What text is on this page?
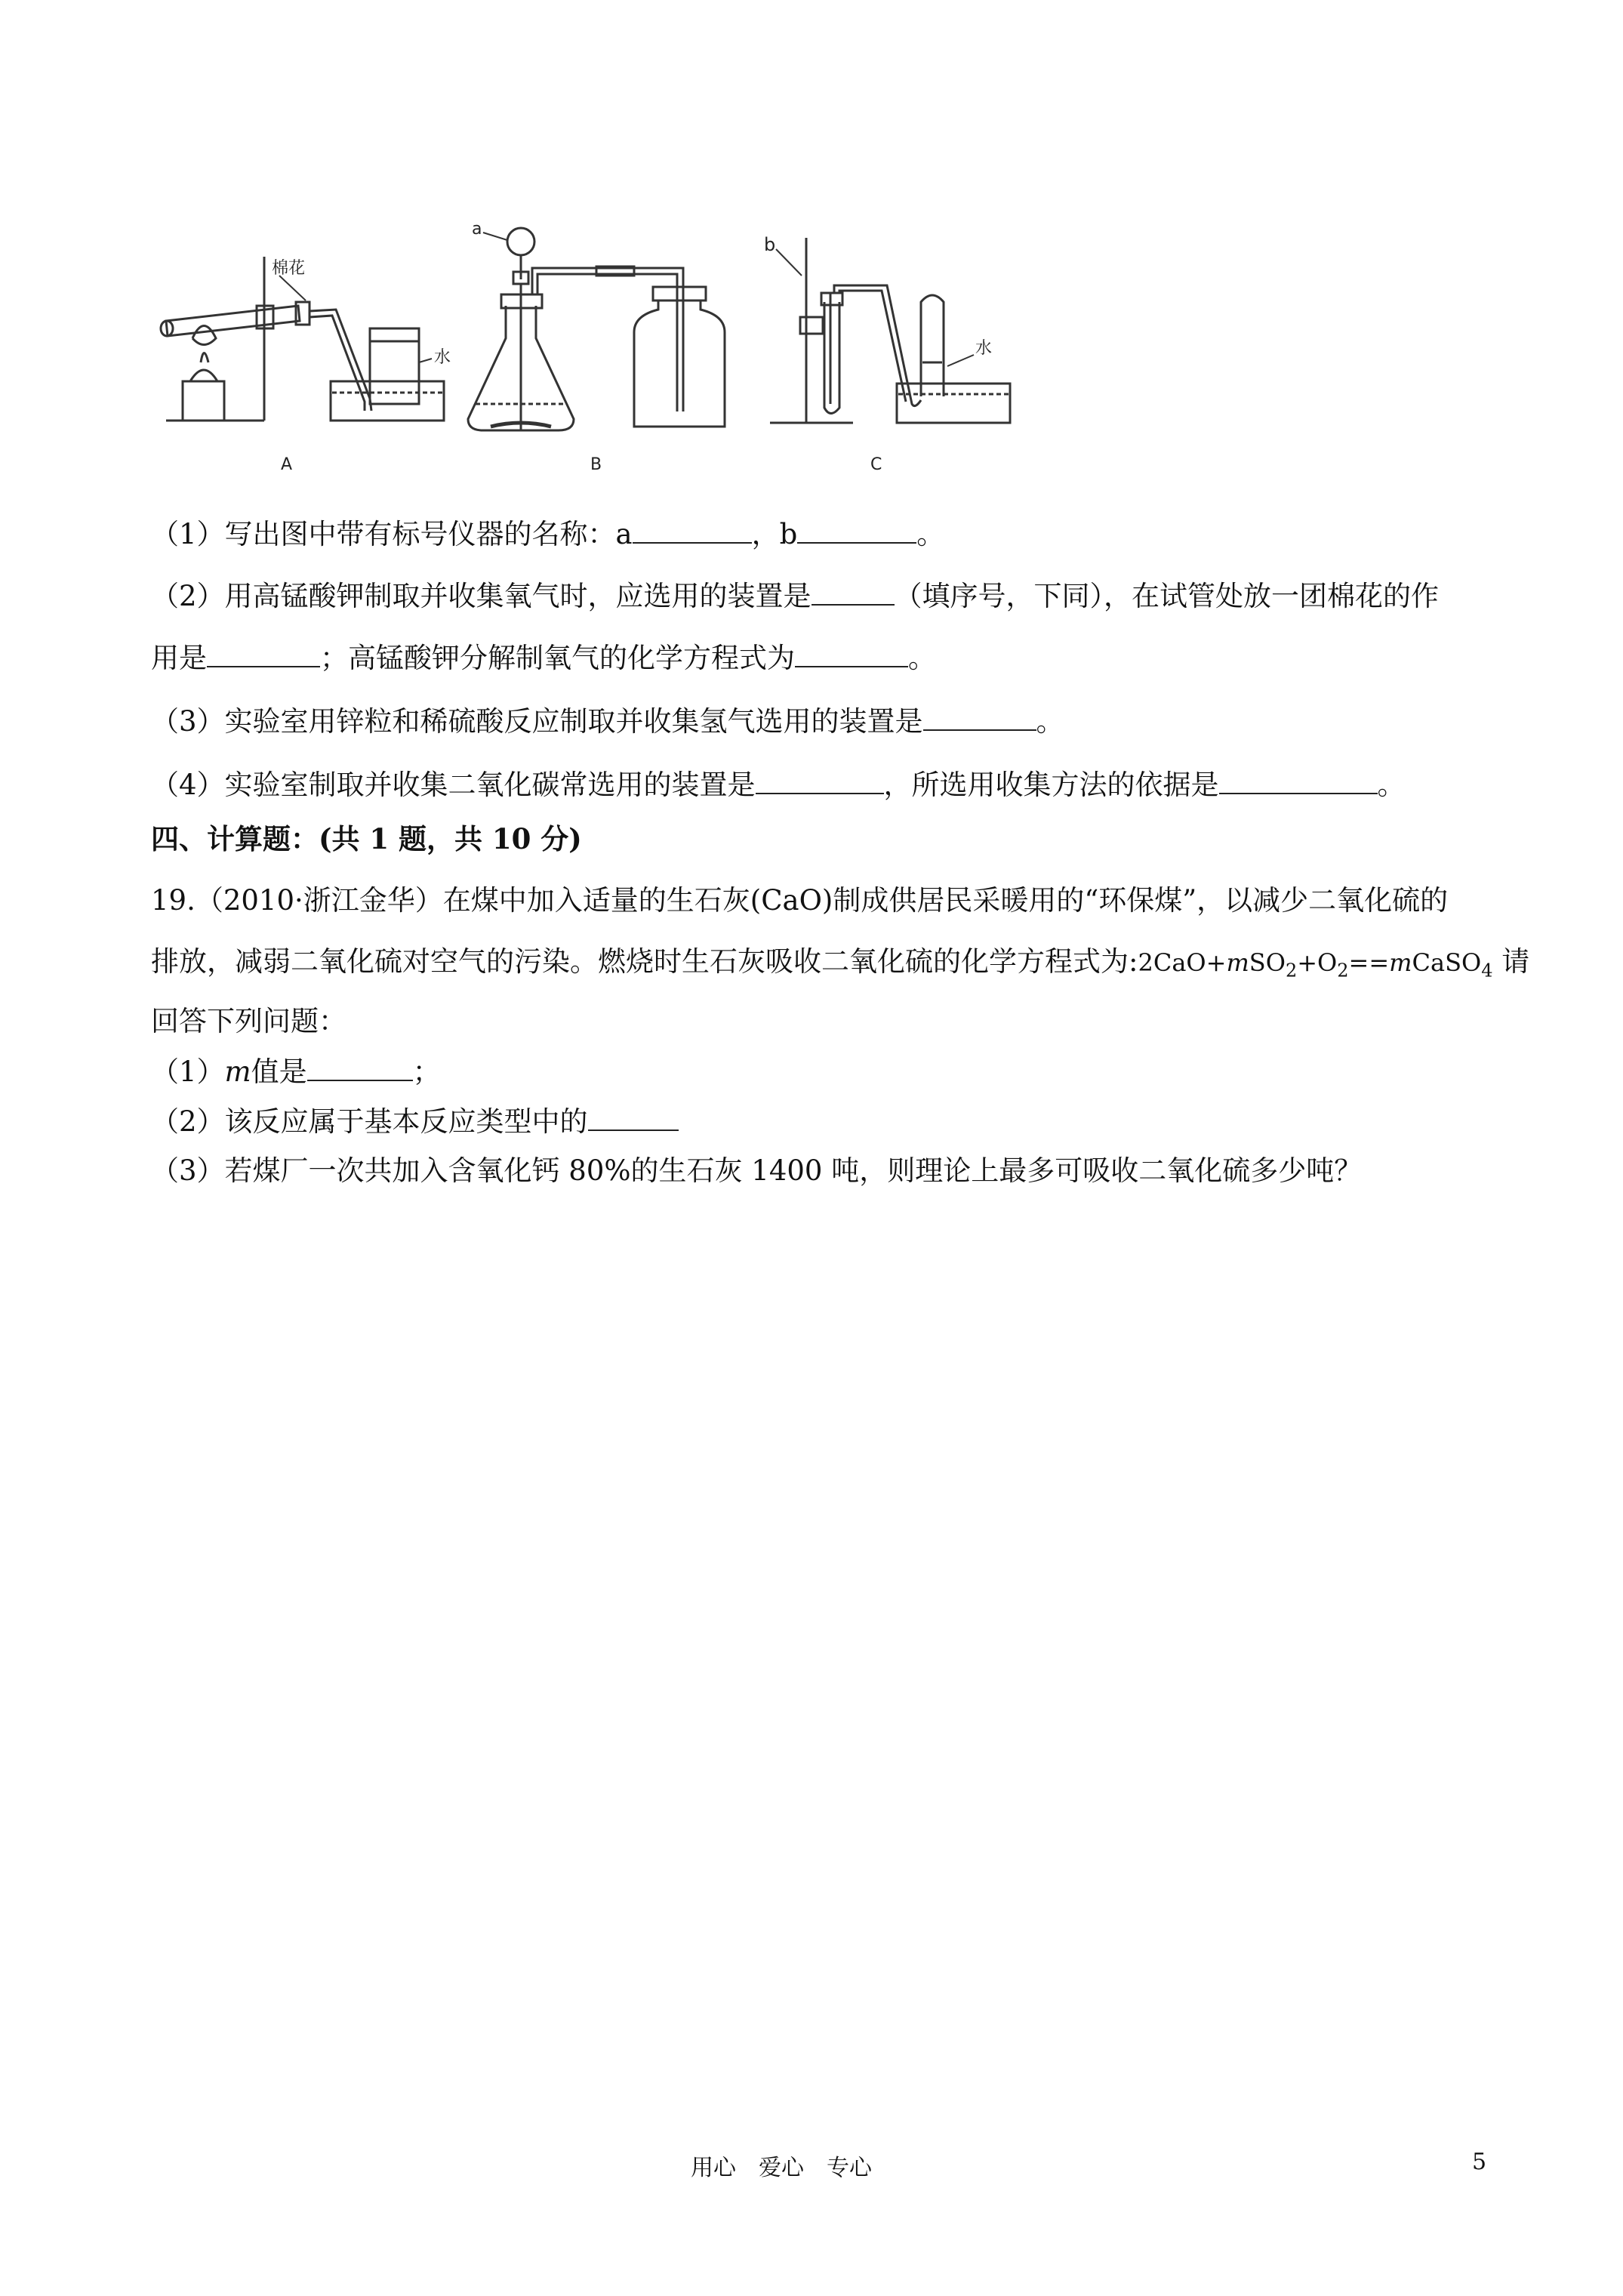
棉花
水
a
b
水
A	B	C
（1）写出图中带有标号仪器的名称：a	，b	。
（2）用高锰酸钾制取并收集氧气时，应选用的装置是	（填序号，下同），在试管处放一团棉花的作
用是	；高锰酸钾分解制氧气的化学方程式为	。
（3）实验室用锌粒和稀硫酸反应制取并收集氢气选用的装置是	。
（4）实验室制取并收集二氧化碳常选用的装置是	，所选用收集方法的依据是	。
四、计算题：(共 1 题，共 10 分)
19.（2010·浙江金华）在煤中加入适量的生石灰(CaO)制成供居民采暖用的“环保煤”，以减少二氧化硫的
排放，减弱二氧化硫对空气的污染。燃烧时生石灰吸收二氧化硫的化学方程式为$:2CaO+mSO_2+O_2==mCaSO_4$ 请
回答下列问题：
（1）m值是	；
（2）该反应属于基本反应类型中的
（3）若煤厂一次共加入含氧化钙 80%的生石灰 1400 吨，则理论上最多可吸收二氧化硫多少吨？
用心　爱心　专心	5
